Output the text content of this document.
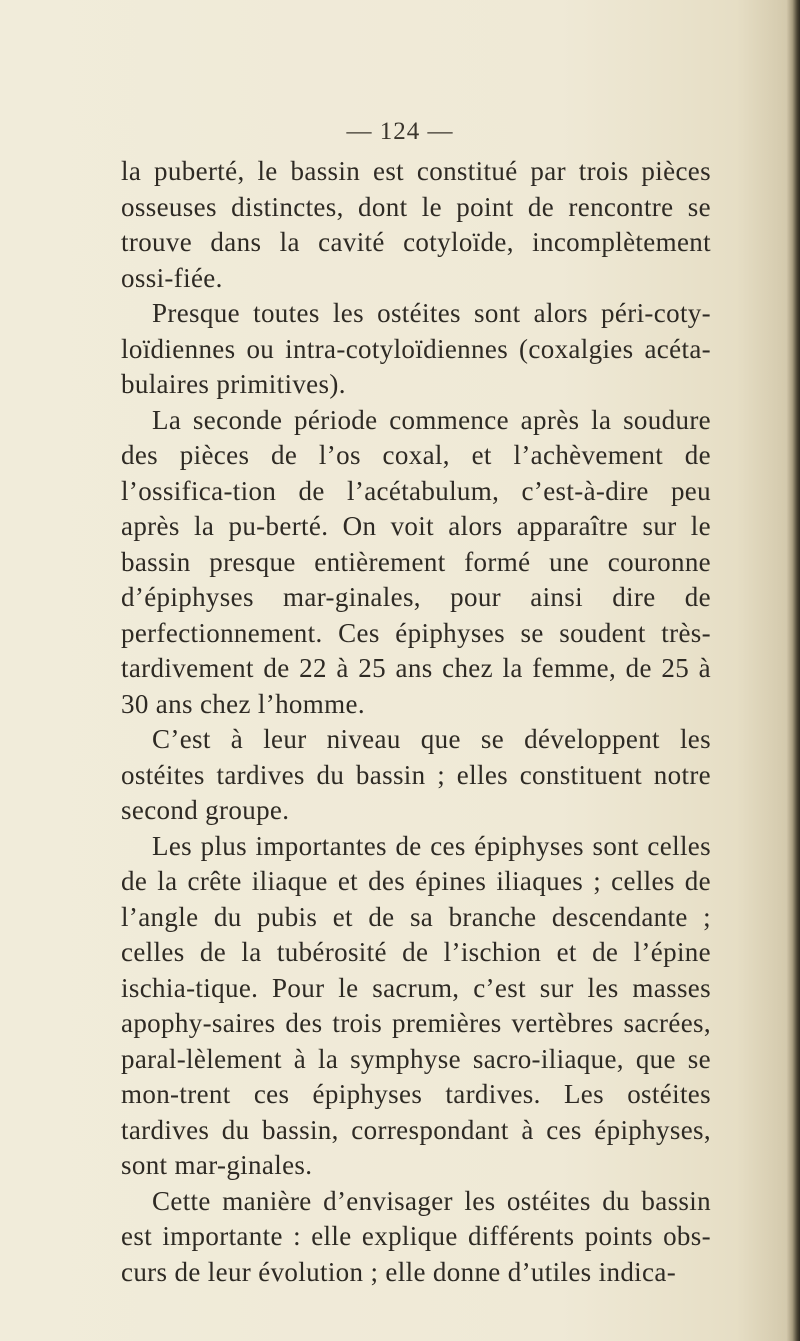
— 124 —

la puberté, le bassin est constitué par trois pièces osseuses distinctes, dont le point de rencontre se trouve dans la cavité cotyloïde, incomplètement ossi-fiée.

Presque toutes les ostéites sont alors péri-coty-loïdiennes ou intra-cotyloïdiennes (coxalgies acéta-bulaires primitives).

La seconde période commence après la soudure des pièces de l’os coxal, et l’achèvement de l’ossifica-tion de l’acétabulum, c’est-à-dire peu après la pu-berté. On voit alors apparaître sur le bassin presque entièrement formé une couronne d’épiphyses mar-ginales, pour ainsi dire de perfectionnement. Ces épiphyses se soudent très-tardivement de 22 à 25 ans chez la femme, de 25 à 30 ans chez l’homme.

C’est à leur niveau que se développent les ostéites tardives du bassin ; elles constituent notre second groupe.

Les plus importantes de ces épiphyses sont celles de la crête iliaque et des épines iliaques ; celles de l’angle du pubis et de sa branche descendante ; celles de la tubérosité de l’ischion et de l’épine ischia-tique. Pour le sacrum, c’est sur les masses apophy-saires des trois premières vertèbres sacrées, paral-lèlement à la symphyse sacro-iliaque, que se mon-trent ces épiphyses tardives. Les ostéites tardives du bassin, correspondant à ces épiphyses, sont mar-ginales.

Cette manière d’envisager les ostéites du bassin est importante : elle explique différents points obs-curs de leur évolution ; elle donne d’utiles indica-
